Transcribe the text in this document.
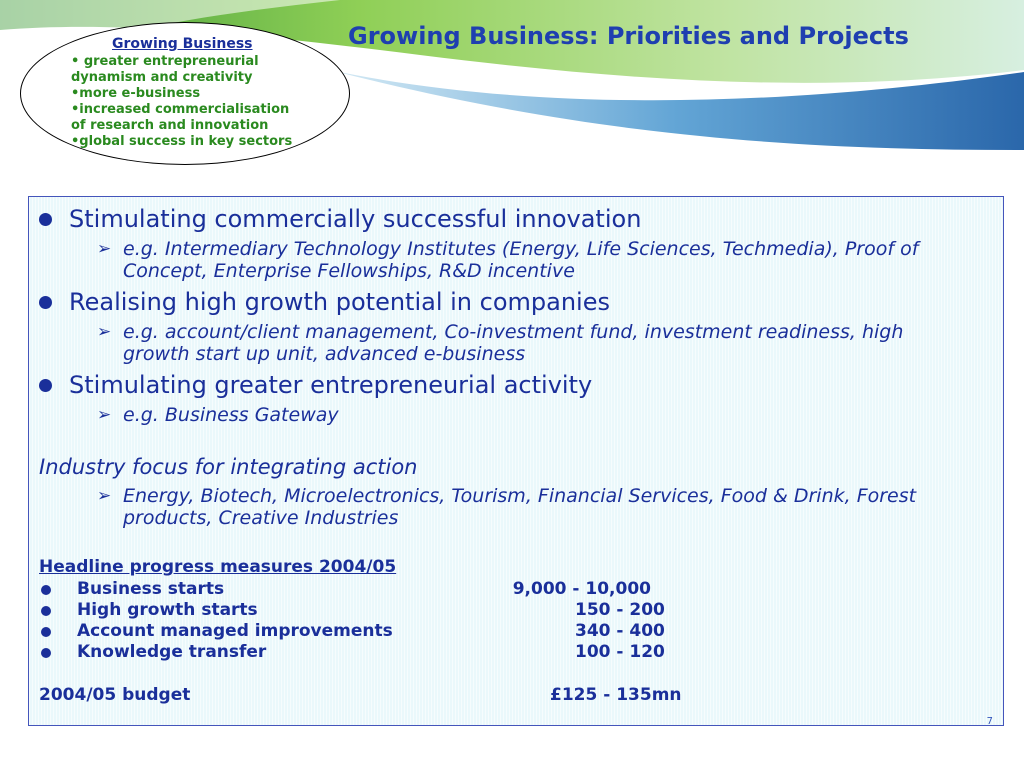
Growing Business
• greater entrepreneurial
dynamism and creativity
•more e-business
•increased commercialisation
of research and innovation
•global success in key sectors
Growing Business: Priorities and Projects
Stimulating commercially successful innovation
➢ e.g. Intermediary Technology Institutes (Energy, Life Sciences, Techmedia), Proof of Concept, Enterprise Fellowships, R&D incentive
Realising high growth potential in companies
➢ e.g. account/client management, Co-investment fund, investment readiness, high growth start up unit, advanced e-business
Stimulating greater entrepreneurial activity
➢ e.g. Business Gateway
Industry focus for integrating action
➢ Energy, Biotech, Microelectronics, Tourism, Financial Services, Food & Drink, Forest products, Creative Industries
Headline progress measures 2004/05
Business starts	9,000 - 10,000
High growth starts	150 - 200
Account managed improvements	340 - 400
Knowledge transfer	100 - 120
2004/05 budget	£125 - 135mn
7
